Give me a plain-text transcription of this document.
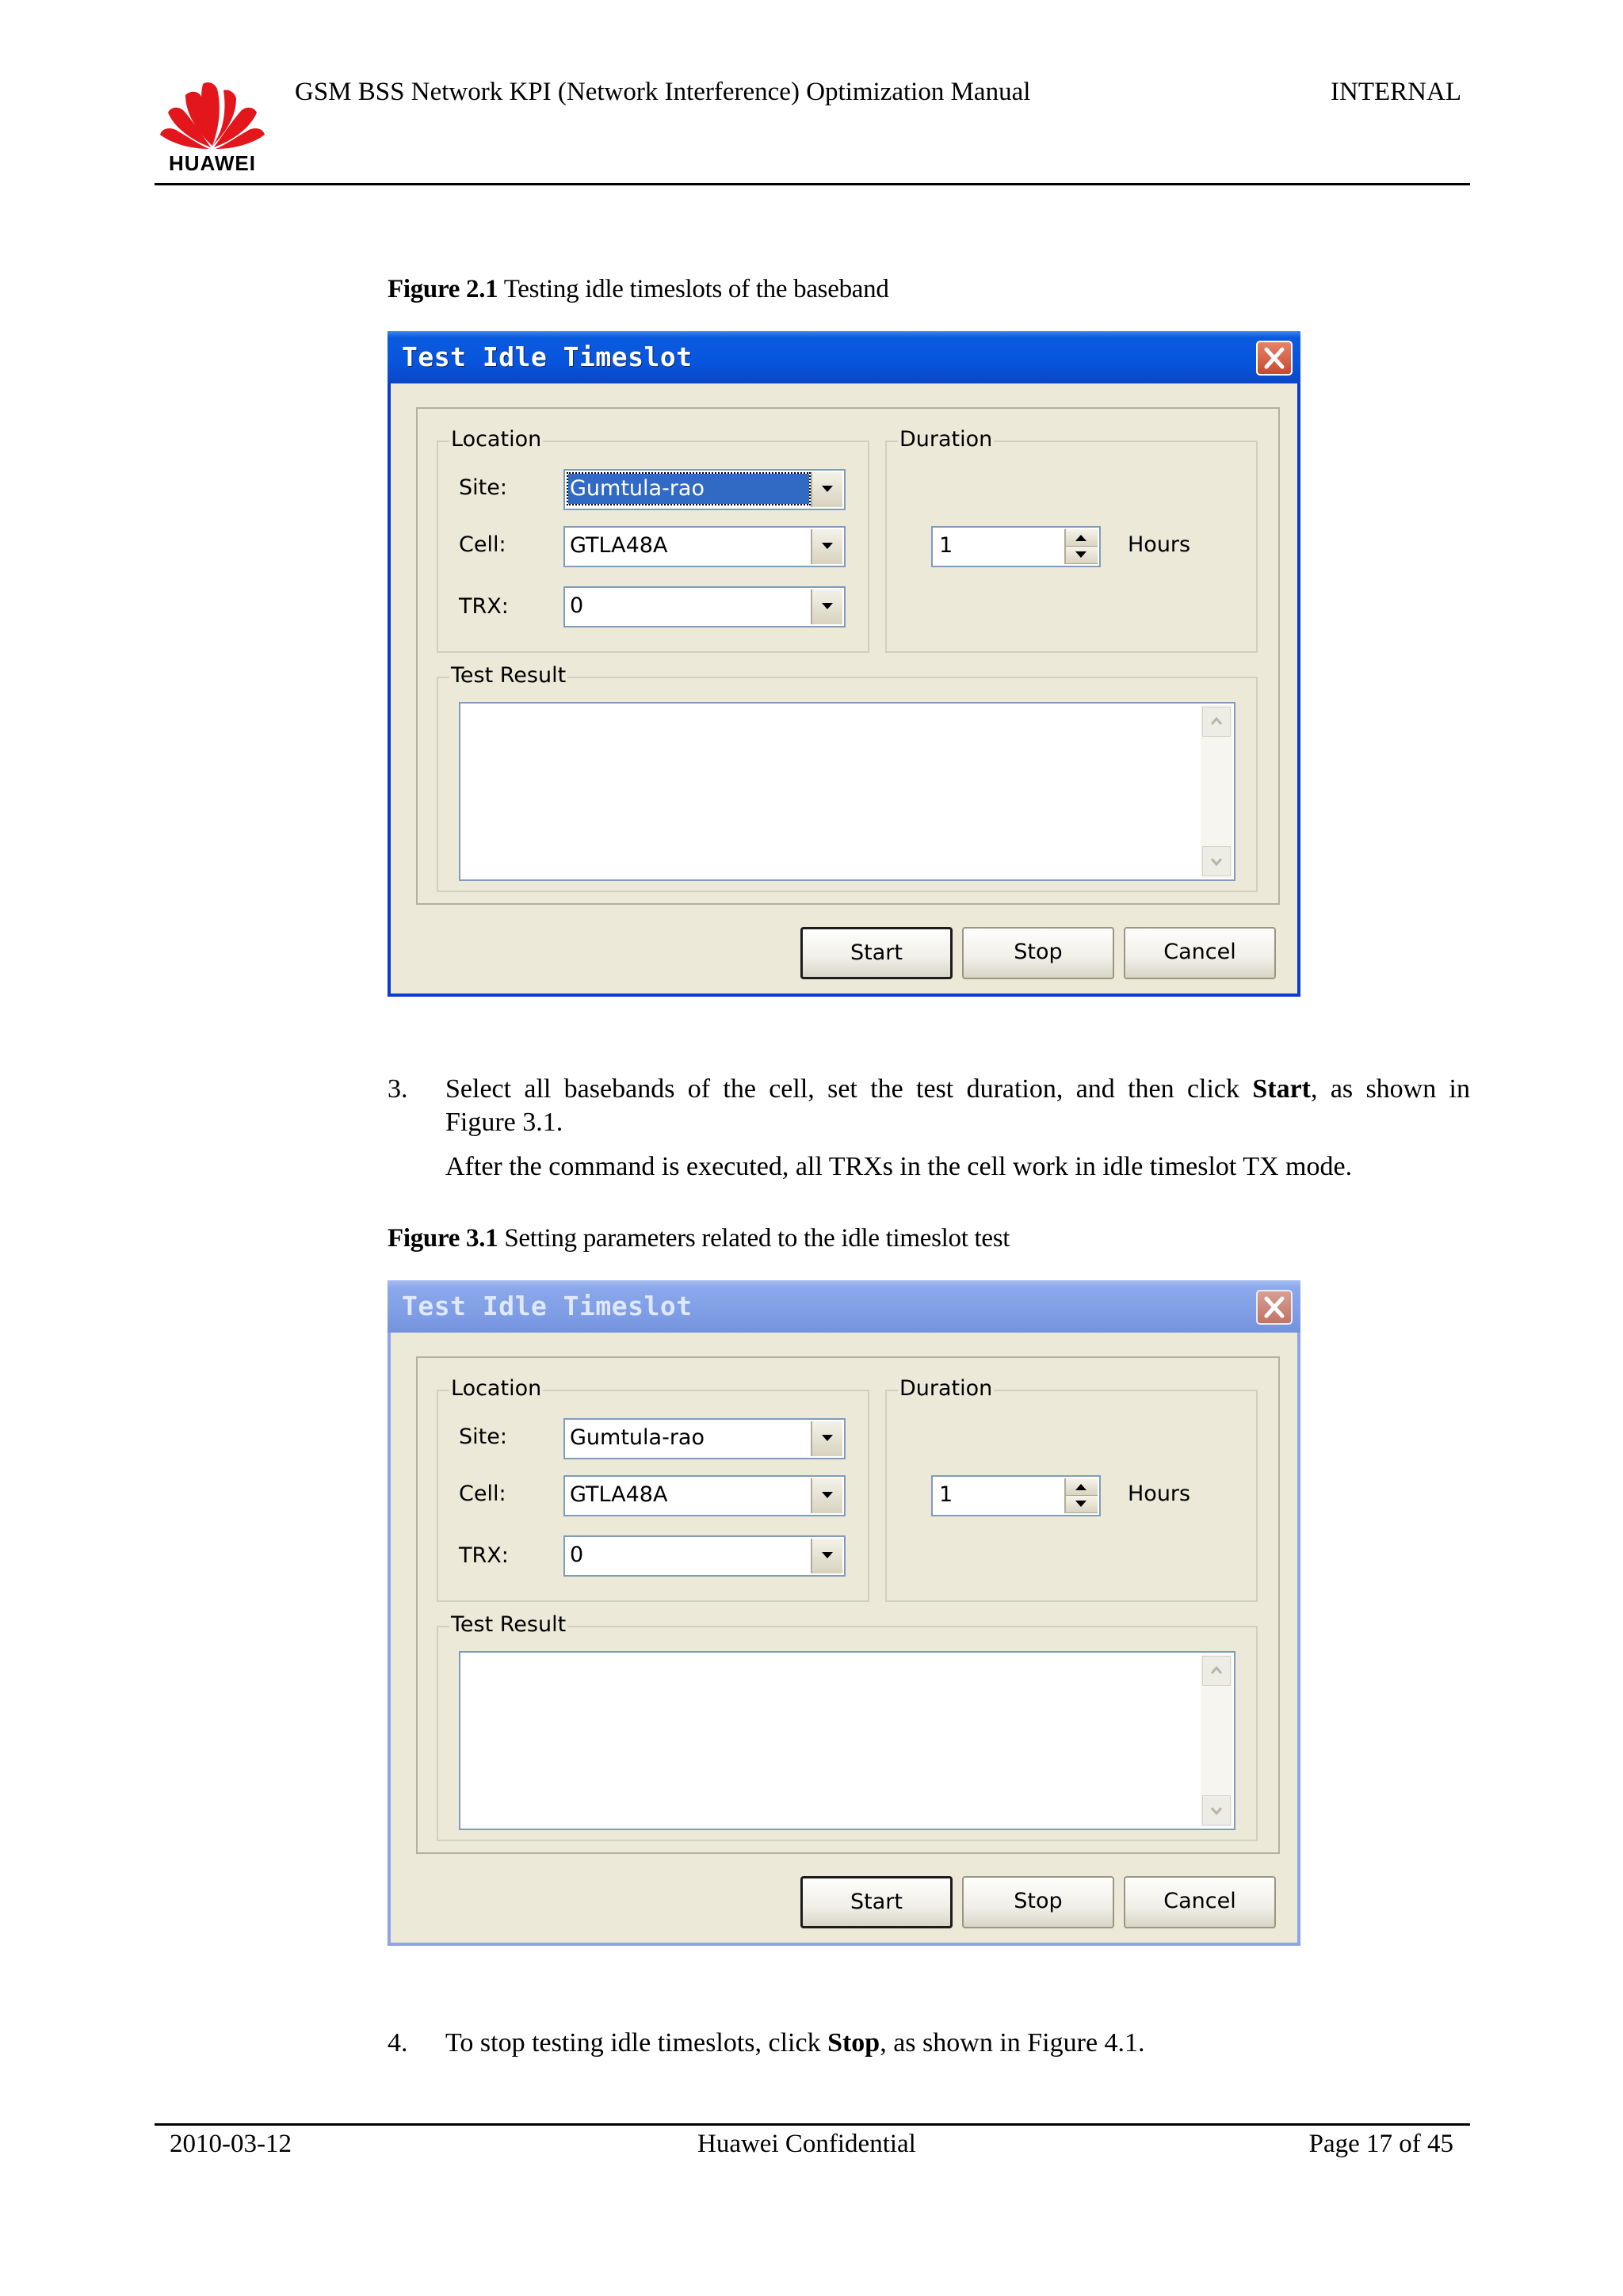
HUAWEI
GSM BSS Network KPI (Network Interference) Optimization Manual	INTERNAL
Figure 2.1 Testing idle timeslots of the baseband
Test Idle Timeslot
Location
Site:	Gumtula-rao
Cell:	GTLA48A
TRX:	0
Duration
1	Hours
Test Result
Start	Stop	Cancel
3. Select all basebands of the cell, set the test duration, and then click Start, as shown in
Figure 3.1.
After the command is executed, all TRXs in the cell work in idle timeslot TX mode.
Figure 3.1 Setting parameters related to the idle timeslot test
Test Idle Timeslot
Location
Site:	Gumtula-rao
Cell:	GTLA48A
TRX:	0
Duration
1	Hours
Test Result
Start	Stop	Cancel
4. To stop testing idle timeslots, click Stop, as shown in Figure 4.1.
2010-03-12	Huawei Confidential	Page 17 of 45
